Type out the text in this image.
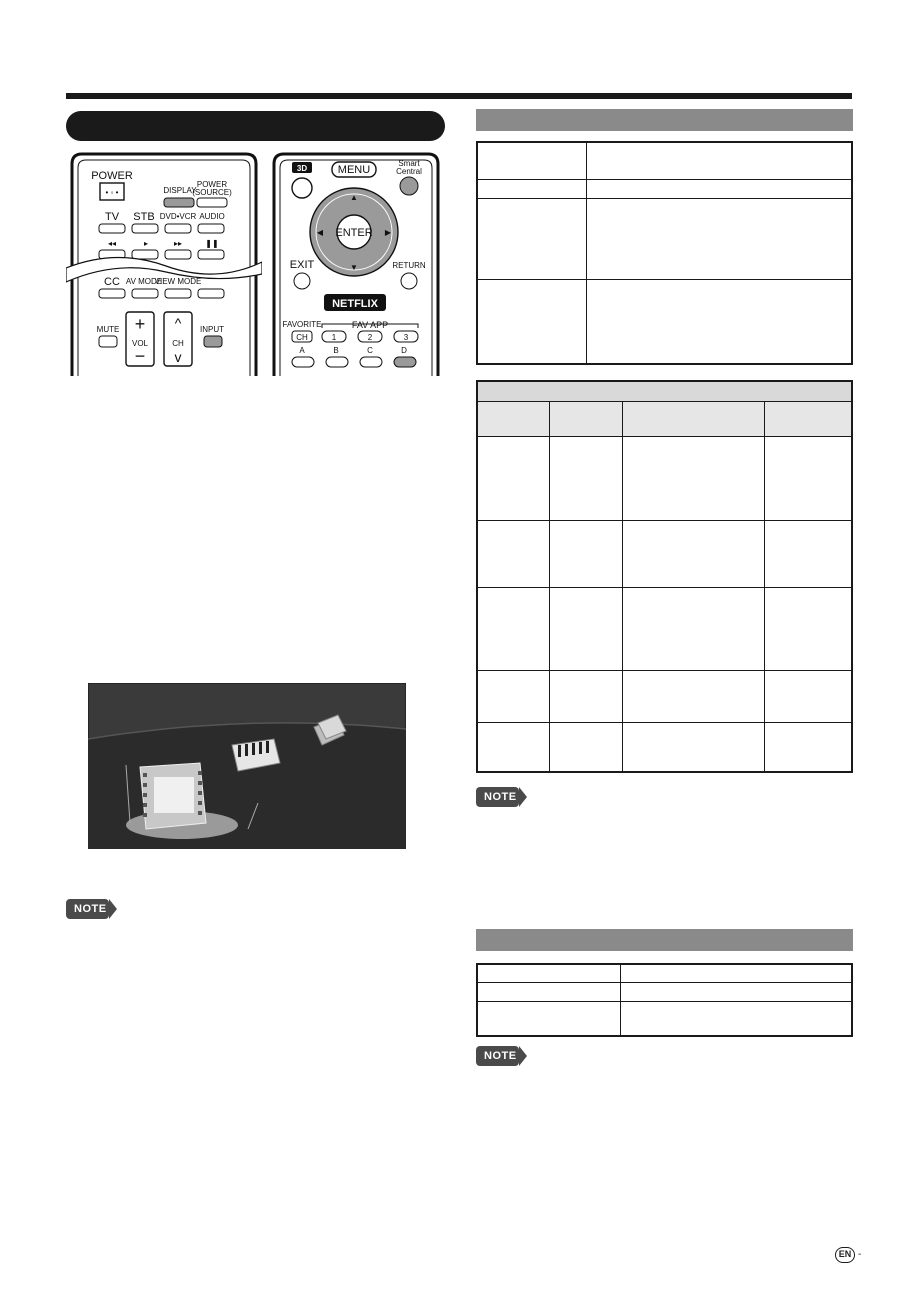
POWER
• ◦ •	DISPLAY
POWER
(SOURCE)
TV STB DVD•VCR AUDIO
◂◂	▸	▸▸	❚❚
CC AV MODE
VIEW MODE
MUTE +
VOL
−
^
CH
v
INPUT
3D	MENU
Smart
Central
ENTER
▲
▼
◀	▶
EXIT	RETURN
NETFLIX
FAVORITE
CH
FAV APP
1	2	3
A	B	C	D
NOTE
NOTE
NOTE
EN -
